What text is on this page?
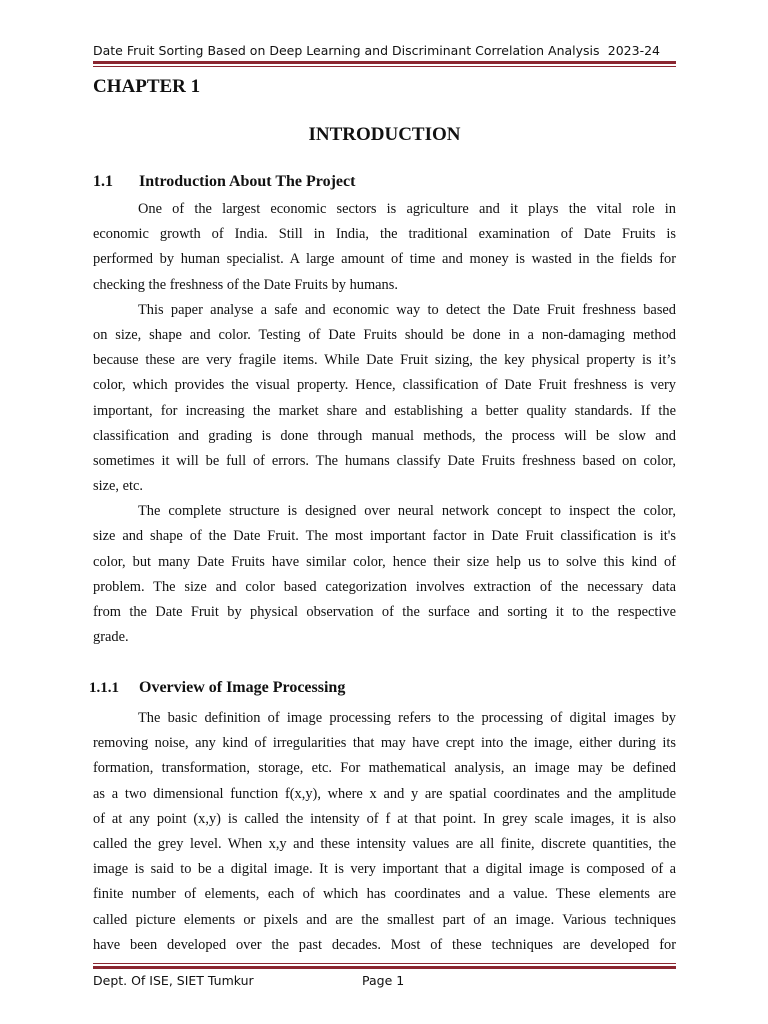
Date Fruit Sorting Based on Deep Learning and Discriminant Correlation Analysis 2023-24
CHAPTER 1
INTRODUCTION
1.1 Introduction About The Project
One of the largest economic sectors is agriculture and it plays the vital role in
economic growth of India. Still in India, the traditional examination of Date Fruits is
performed by human specialist. A large amount of time and money is wasted in the fields for
checking the freshness of the Date Fruits by humans.
This paper analyse a safe and economic way to detect the Date Fruit freshness based
on size, shape and color. Testing of Date Fruits should be done in a non-damaging method
because these are very fragile items. While Date Fruit sizing, the key physical property is it’s
color, which provides the visual property. Hence, classification of Date Fruit freshness is very
important, for increasing the market share and establishing a better quality standards. If the
classification and grading is done through manual methods, the process will be slow and
sometimes it will be full of errors. The humans classify Date Fruits freshness based on color,
size, etc.
The complete structure is designed over neural network concept to inspect the color,
size and shape of the Date Fruit. The most important factor in Date Fruit classification is it's
color, but many Date Fruits have similar color, hence their size help us to solve this kind of
problem. The size and color based categorization involves extraction of the necessary data
from the Date Fruit by physical observation of the surface and sorting it to the respective
grade.
1.1.1 Overview of Image Processing
The basic definition of image processing refers to the processing of digital images by
removing noise, any kind of irregularities that may have crept into the image, either during its
formation, transformation, storage, etc. For mathematical analysis, an image may be defined
as a two dimensional function f(x,y), where x and y are spatial coordinates and the amplitude
of at any point (x,y) is called the intensity of f at that point. In grey scale images, it is also
called the grey level. When x,y and these intensity values are all finite, discrete quantities, the
image is said to be a digital image. It is very important that a digital image is composed of a
finite number of elements, each of which has coordinates and a value. These elements are
called picture elements or pixels and are the smallest part of an image. Various techniques
have been developed over the past decades. Most of these techniques are developed for
Dept. Of ISE, SIET Tumkur	Page 1
